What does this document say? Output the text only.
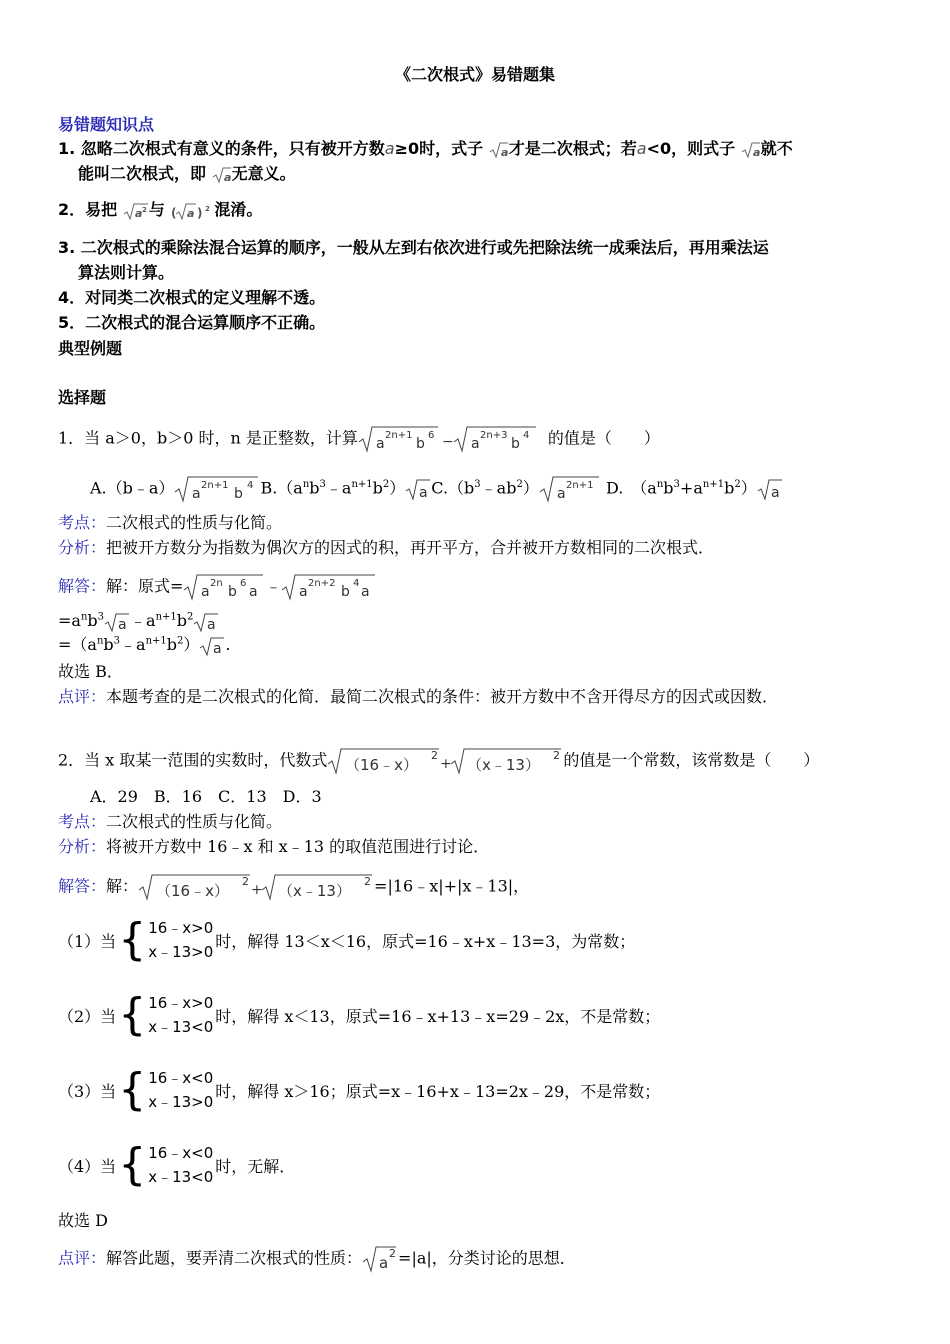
《二次根式》易错题集
易错题知识点
1. 忽略二次根式有意义的条件，只有被开方数a≥0时，式子 a 才是二次根式；若a<0，则式子 a 就不
能叫二次根式，即 a 无意义。
2．易把 a 2 与 ( a ) 2 混淆。
3. 二次根式的乘除法混合运算的顺序，一般从左到右依次进行或先把除法统一成乘法后，再用乘法运
算法则计算。
4．对同类二次根式的定义理解不透。
5．二次根式的混合运算顺序不正确。
典型例题
选择题
1．当 a＞0，b＞0 时，n 是正整数，计算 a
2n+1
b
6 − a
2n+3
b
4 的值是（　　）
A.（b﹣a） a
2n+1
b
4 $B.(a^nb^3﹣a^{n+1}b^2)$ a $C.(b^3﹣ab^2)$ a
2n+1 D.　$(a^nb^3+a^{n+1}b^2)$ a
考点：二次根式的性质与化简。
分析：把被开方数分为指数为偶次方的因式的积，再开平方，合并被开方数相同的二次根式．
解答：解：原式= a
2n
b
6
a ﹣ a
2n+2
b
4
a
$=a^nb^3$ a $﹣a^{n+1}b^2$ a
$=(a^nb^3﹣a^{n+1}b^2)$ a .
故选 B．
点评：本题考查的是二次根式的化简．最简二次根式的条件：被开方数中不含开得尽方的因式或因数．
2．当 x 取某一范围的实数时，代数式 （16﹣x）
2
+ （x﹣13）
2 的值是一个常数，该常数是（　　）
A．29　B．16　C．13　D．3
考点：二次根式的性质与化简。
分析：将被开方数中 16﹣x 和 x﹣13 的取值范围进行讨论．
解答：解： （16﹣x）
2
+ （x﹣13）
2 =|16﹣x|+|x﹣13|，
（1）当 { 16﹣x>0
x﹣13>0
时，解得 13＜x＜16，原式=16﹣x+x﹣13=3，为常数；
（2）当 { 16﹣x>0
x﹣13<0
时，解得 x＜13，原式=16﹣x+13﹣x=29﹣2x，不是常数；
（3）当 { 16﹣x<0
x﹣13>0
时，解得 x＞16；原式=x﹣16+x﹣13=2x﹣29，不是常数；
（4）当 { 16﹣x<0
x﹣13<0
时，无解．
故选 D
点评：解答此题，要弄清二次根式的性质： a
2 =|a|，分类讨论的思想．
